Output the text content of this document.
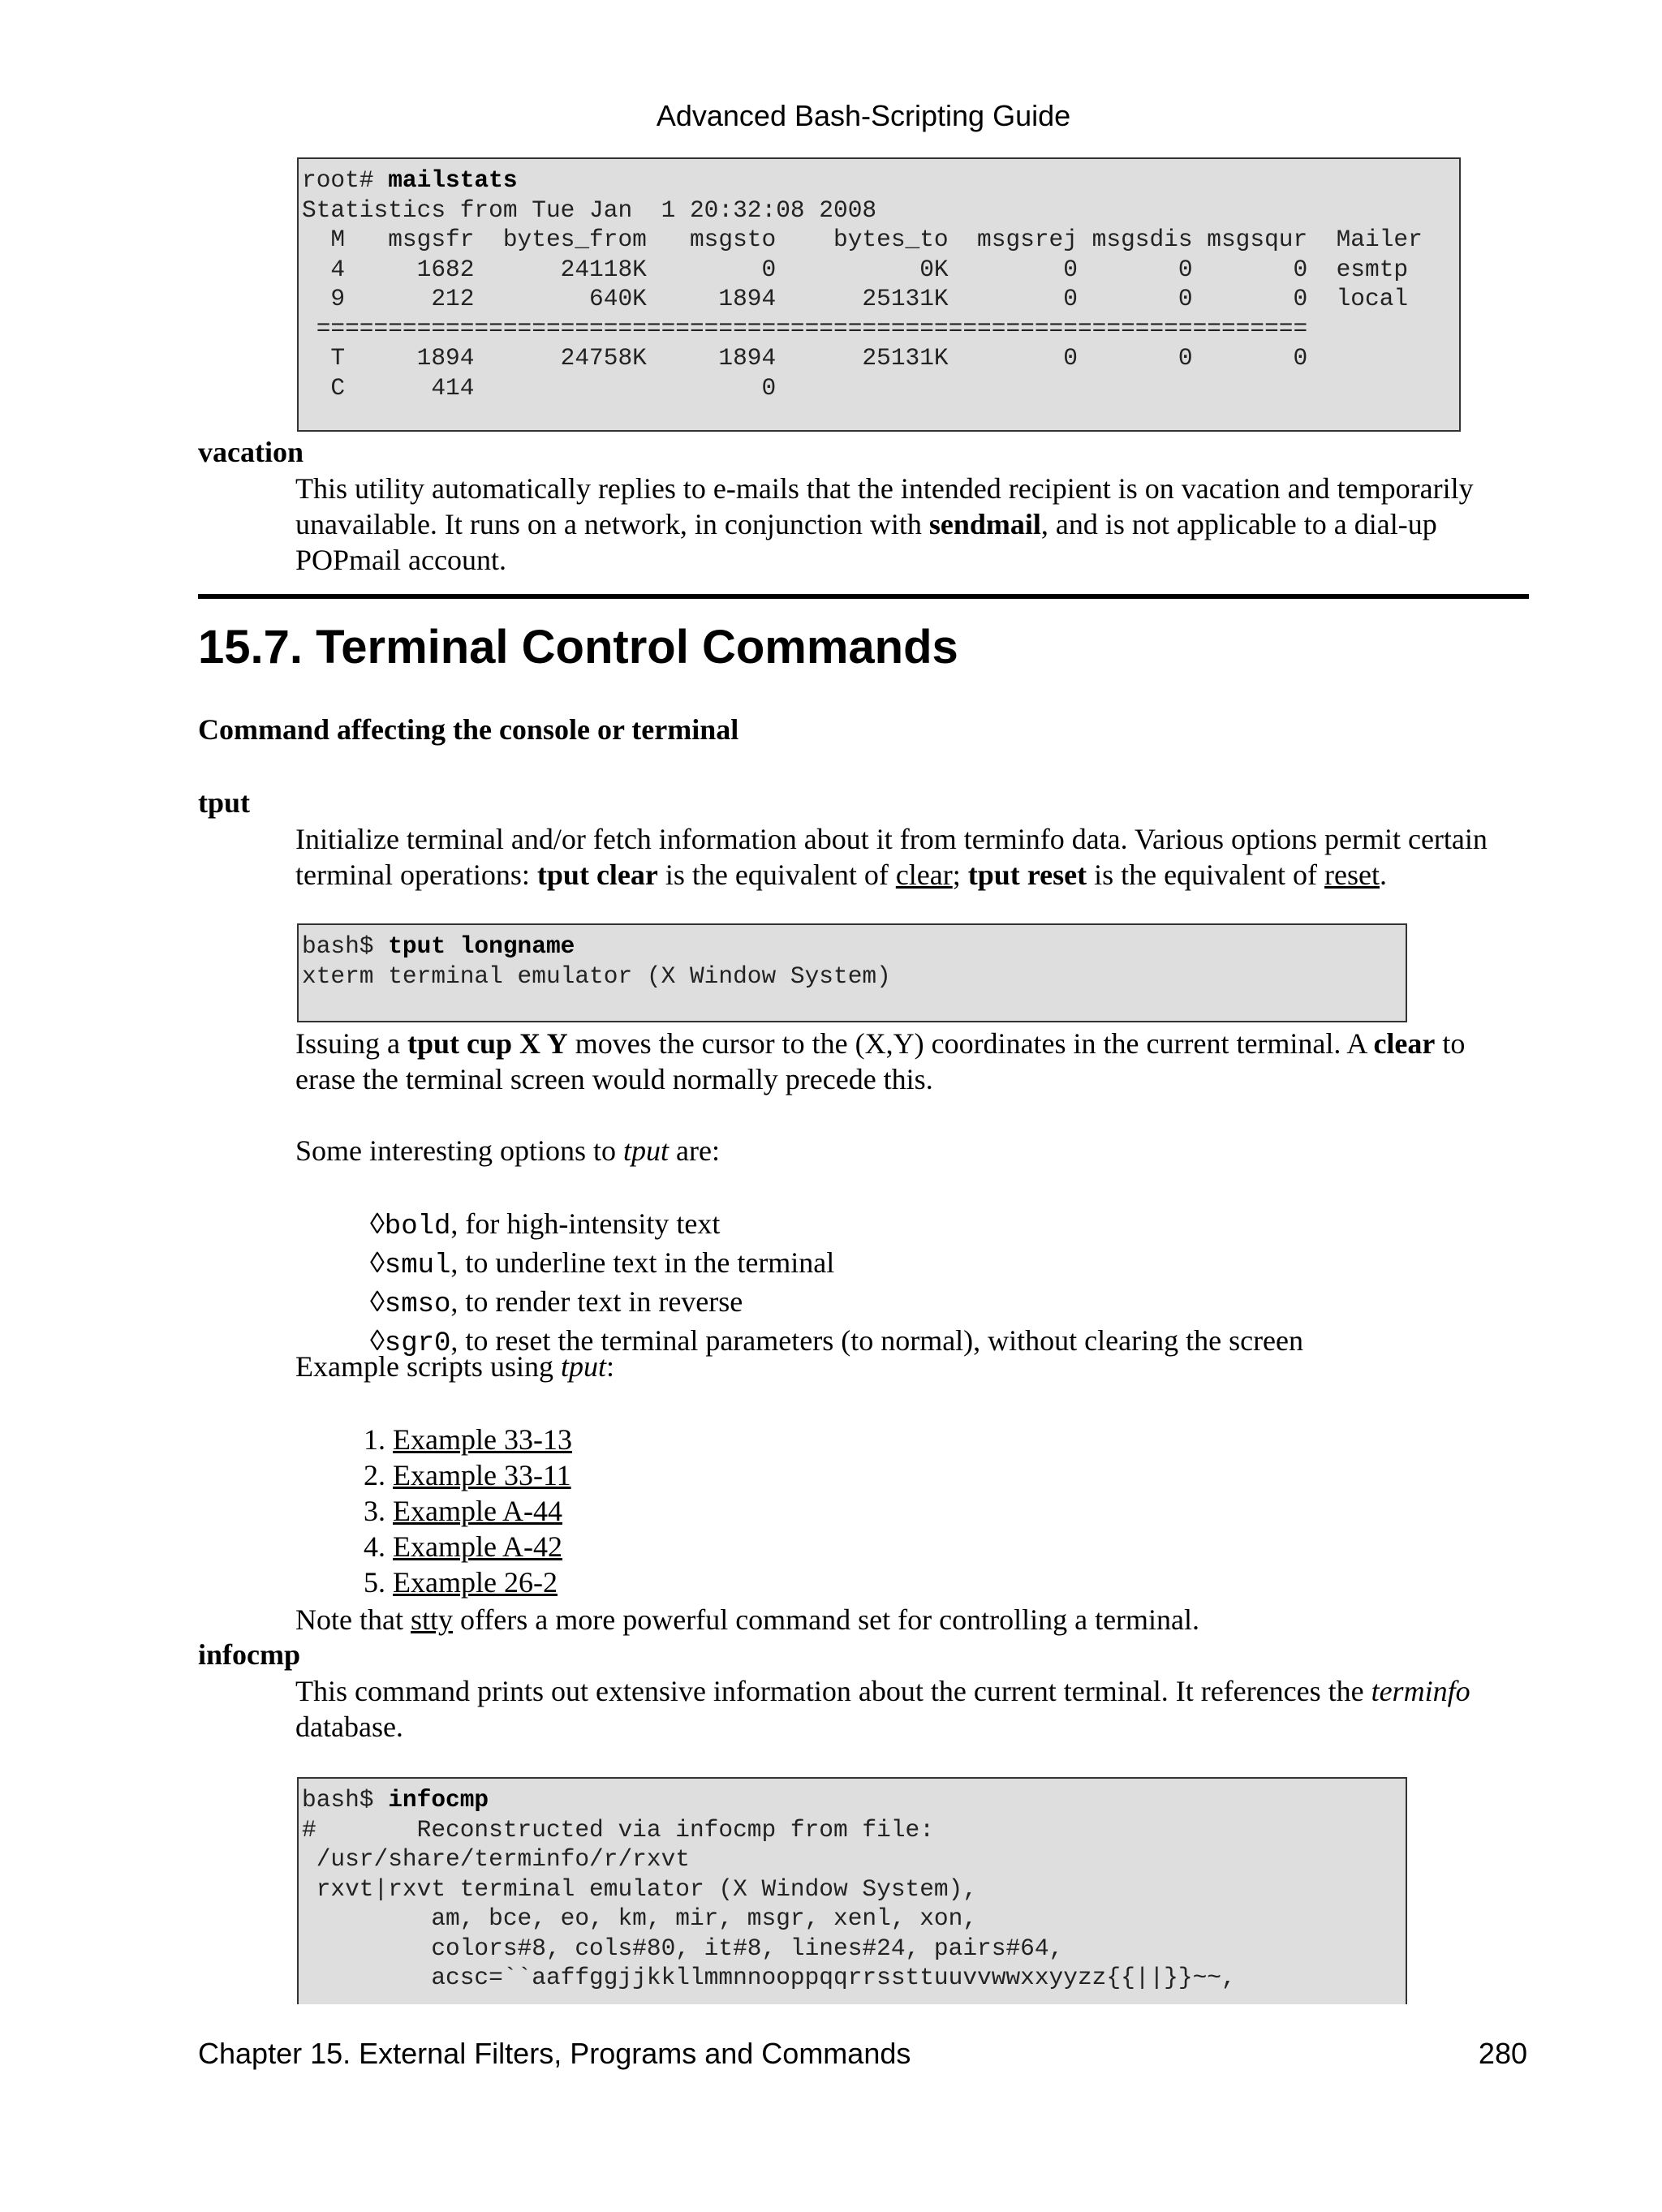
Advanced Bash-Scripting Guide
root# mailstats
Statistics from Tue Jan  1 20:32:08 2008
M   msgsfr  bytes_from   msgsto    bytes_to  msgsrej msgsdis msgsqur  Mailer
4     1682      24118K        0          0K        0       0       0  esmtp
9      212        640K     1894      25131K        0       0       0  local
=====================================================================
T     1894      24758K     1894      25131K        0       0       0
C      414                    0
vacation
This utility automatically replies to e-mails that the intended recipient is on vacation and temporarily unavailable. It runs on a network, in conjunction with sendmail, and is not applicable to a dial-up POPmail account.
15.7. Terminal Control Commands
Command affecting the console or terminal
tput
Initialize terminal and/or fetch information about it from terminfo data. Various options permit certain terminal operations: tput clear is the equivalent of clear; tput reset is the equivalent of reset.
bash$ tput longname
xterm terminal emulator (X Window System)
Issuing a tput cup X Y moves the cursor to the (X,Y) coordinates in the current terminal. A clear to erase the terminal screen would normally precede this.
Some interesting options to tput are:
◊bold, for high-intensity text
◊smul, to underline text in the terminal
◊smso, to render text in reverse
◊sgr0, to reset the terminal parameters (to normal), without clearing the screen
Example scripts using tput:
1. Example 33-13
2. Example 33-11
3. Example A-44
4. Example A-42
5. Example 26-2
Note that stty offers a more powerful command set for controlling a terminal.
infocmp
This command prints out extensive information about the current terminal. It references the terminfo database.
bash$ infocmp
#       Reconstructed via infocmp from file:
/usr/share/terminfo/r/rxvt
rxvt|rxvt terminal emulator (X Window System),
am, bce, eo, km, mir, msgr, xenl, xon,
colors#8, cols#80, it#8, lines#24, pairs#64,
acsc=``aaffggjjkkllmmnnooppqqrrssttuuvvwwxxyyzz{{||}}~~,
Chapter 15. External Filters, Programs and Commands	280
